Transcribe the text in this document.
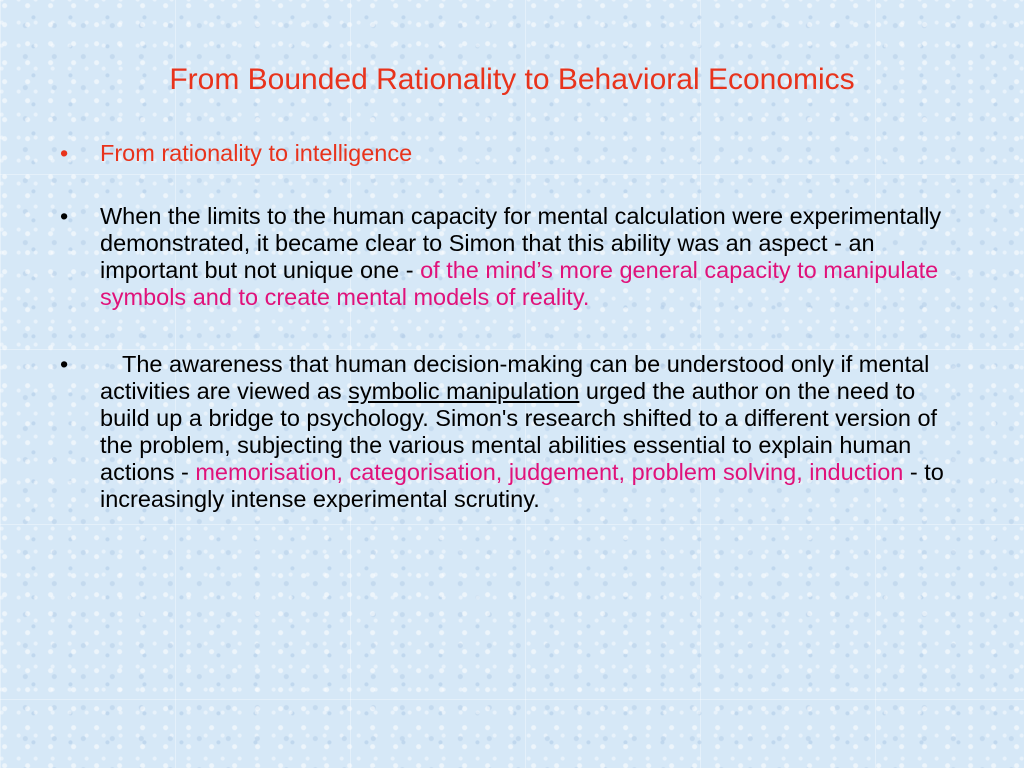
From Bounded Rationality to Behavioral Economics
• From rationality to intelligence
• When the limits to the human capacity for mental calculation were experimentally demonstrated, it became clear to Simon that this ability was an aspect - an important but not unique one - of the mind’s more general capacity to manipulate symbols and to create mental models of reality.
• The awareness that human decision-making can be understood only if mental activities are viewed as symbolic manipulation urged the author on the need to build up a bridge to psychology. Simon's research shifted to a different version of the problem, subjecting the various mental abilities essential to explain human actions - memorisation, categorisation, judgement, problem solving, induction - to increasingly intense experimental scrutiny.
